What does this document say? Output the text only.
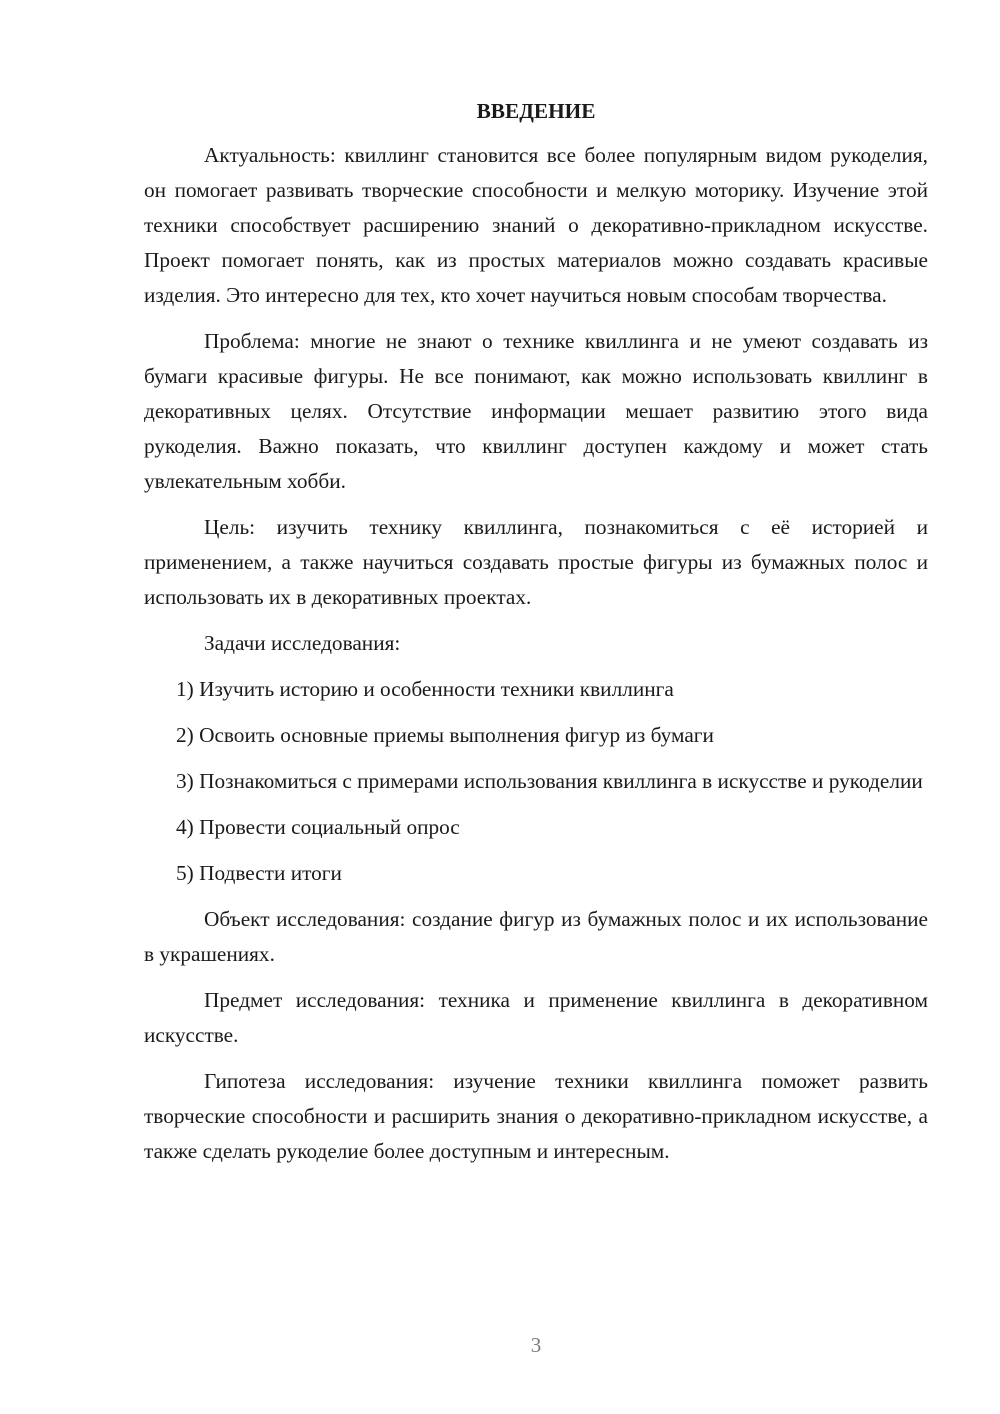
ВВЕДЕНИЕ

Актуальность: квиллинг становится все более популярным видом рукоделия, он помогает развивать творческие способности и мелкую моторику. Изучение этой техники способствует расширению знаний о декоративно-прикладном искусстве. Проект помогает понять, как из простых материалов можно создавать красивые изделия. Это интересно для тех, кто хочет научиться новым способам творчества.

Проблема: многие не знают о технике квиллинга и не умеют создавать из бумаги красивые фигуры. Не все понимают, как можно использовать квиллинг в декоративных целях. Отсутствие информации мешает развитию этого вида рукоделия. Важно показать, что квиллинг доступен каждому и может стать увлекательным хобби.

Цель: изучить технику квиллинга, познакомиться с её историей и применением, а также научиться создавать простые фигуры из бумажных полос и использовать их в декоративных проектах.

Задачи исследования:

1) Изучить историю и особенности техники квиллинга

2) Освоить основные приемы выполнения фигур из бумаги

3) Познакомиться с примерами использования квиллинга в искусстве и рукоделии

4) Провести социальный опрос

5) Подвести итоги

Объект исследования: создание фигур из бумажных полос и их использование в украшениях.

Предмет исследования: техника и применение квиллинга в декоративном искусстве.

Гипотеза исследования: изучение техники квиллинга поможет развить творческие способности и расширить знания о декоративно-прикладном искусстве, а также сделать рукоделие более доступным и интересным.

3
